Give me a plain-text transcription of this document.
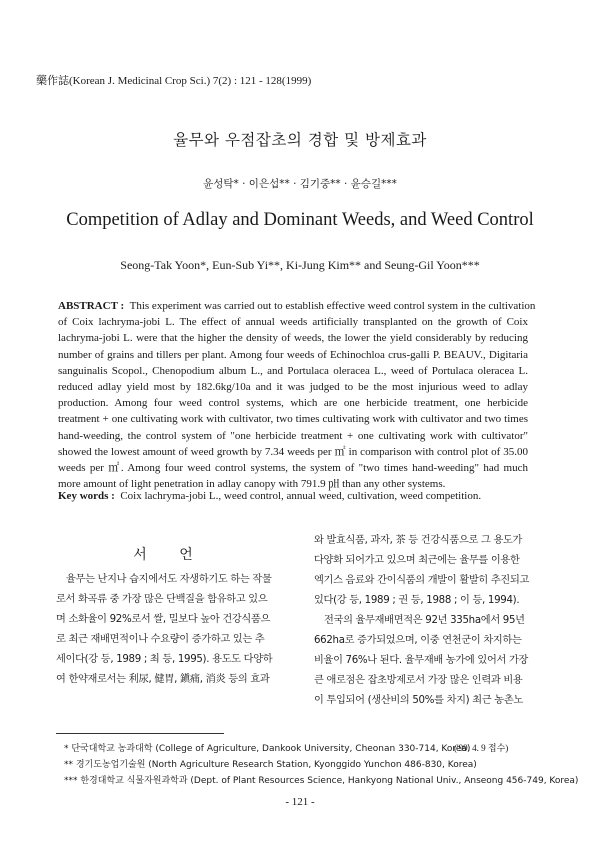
藥作誌(Korean J. Medicinal Crop Sci.) 7(2) : 121 - 128(1999)
율무와 우점잡초의 경합 및 방제효과
윤성탁* · 이은섭** · 김기중** · 윤승길***
Competition of Adlay and Dominant Weeds, and Weed Control
Seong-Tak Yoon*, Eun-Sub Yi**, Ki-Jung Kim** and Seung-Gil Yoon***
ABSTRACT : This experiment was carried out to establish effective weed control system in the cultivation
of Coix lachryma-jobi L. The effect of annual weeds artificially transplanted on the growth of Coix
lachryma-jobi L. were that the higher the density of weeds, the lower the yield considerably by reducing
number of grains and tillers per plant. Among four weeds of Echinochloa crus-galli P. BEAUV., Digitaria
sanguinalis Scopol., Chenopodium album L., and Portulaca oleracea L., weed of Portulaca oleracea L.
reduced adlay yield most by 182.6kg/10a and it was judged to be the most injurious weed to adlay
production. Among four weed control systems, which are one herbicide treatment, one herbicide
treatment + one cultivating work with cultivator, two times cultivating work with cultivator and two times
hand-weeding, the control system of "one herbicide treatment + one cultivating work with cultivator"
showed the lowest amount of weed growth by 7.34 weeds per ㎡ in comparison with control plot of 35.00
weeds per ㎡. Among four weed control systems, the system of "two times hand-weeding" had much
more amount of light penetration in adlay canopy with 791.9 ㏗ than any other systems.
Key words : Coix lachryma-jobi L., weed control, annual weed, cultivation, weed competition.
서 언
율무는 난지나 습지에서도 자생하기도 하는 작물
로서 화곡류 중 가장 많은 단백질을 함유하고 있으
며 소화율이 92%로서 쌀, 밀보다 높아 건강식품으
로 최근 재배면적이나 수요량이 증가하고 있는 추
세이다(강 등, 1989 ; 최 등, 1995). 용도도 다양하
여 한약재로서는 利尿, 健胃, 鎭痛, 消炎 등의 효과
와 발효식품, 과자, 茶 등 건강식품으로 그 용도가
다양화 되어가고 있으며 최근에는 율무를 이용한
엑기스 음료와 간이식품의 개발이 활발히 추진되고
있다(강 등, 1989 ; 권 등, 1988 ; 이 등, 1994).
전국의 율무재배면적은 92년 335ha에서 95년
662ha로 증가되었으며, 이중 연천군이 차지하는
비율이 76%나 된다. 율무재배 농가에 있어서 가장
큰 애로점은 잡초방제로서 가장 많은 인력과 비용
이 투입되어 (생산비의 50%를 차지) 최근 농촌노
* 단국대학교 농과대학 (College of Agriculture, Dankook University, Cheonan 330-714, Korea)
** 경기도농업기술원 (North Agriculture Research Station, Kyonggido Yunchon 486-830, Korea)
*** 한경대학교 식물자원과학과 (Dept. of Plant Resources Science, Hankyong National Univ., Anseong 456-749, Korea)
('99. 4. 9 접수)
- 121 -
